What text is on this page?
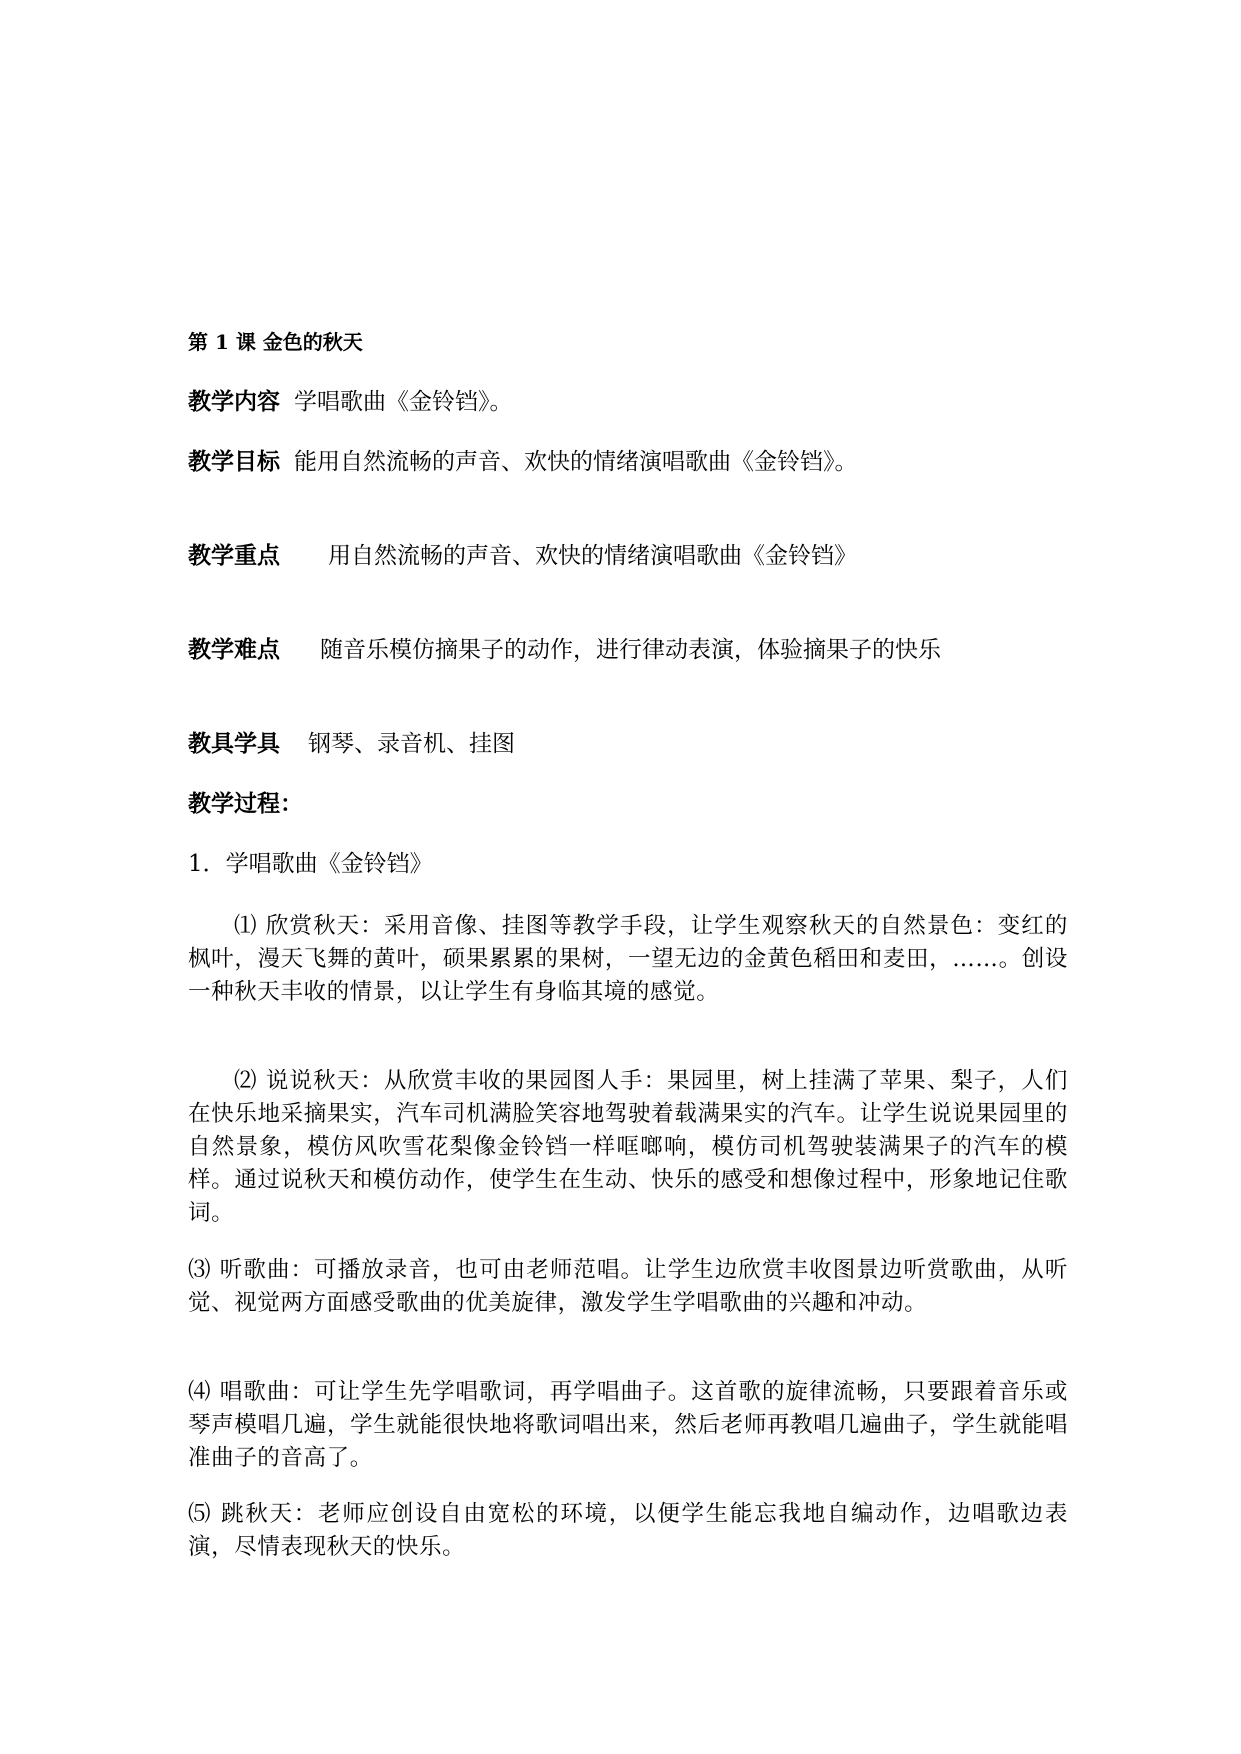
第 1 课 金色的秋天
教学内容 学唱歌曲《金铃铛》。
教学目标 能用自然流畅的声音、欢快的情绪演唱歌曲《金铃铛》。
教学重点 用自然流畅的声音、欢快的情绪演唱歌曲《金铃铛》
教学难点 随音乐模仿摘果子的动作，进行律动表演，体验摘果子的快乐
教具学具 钢琴、录音机、挂图
教学过程：
1．学唱歌曲《金铃铛》
⑴ 欣赏秋天：采用音像、挂图等教学手段，让学生观察秋天的自然景色：变红的枫叶，漫天飞舞的黄叶，硕果累累的果树，一望无边的金黄色稻田和麦田，……。创设一种秋天丰收的情景，以让学生有身临其境的感觉。
⑵ 说说秋天：从欣赏丰收的果园图人手：果园里，树上挂满了苹果、梨子，人们在快乐地采摘果实，汽车司机满脸笑容地驾驶着载满果实的汽车。让学生说说果园里的自然景象，模仿风吹雪花梨像金铃铛一样哐啷响，模仿司机驾驶装满果子的汽车的模样。通过说秋天和模仿动作，使学生在生动、快乐的感受和想像过程中，形象地记住歌词。
⑶ 听歌曲：可播放录音，也可由老师范唱。让学生边欣赏丰收图景边听赏歌曲，从听觉、视觉两方面感受歌曲的优美旋律，激发学生学唱歌曲的兴趣和冲动。
⑷ 唱歌曲：可让学生先学唱歌词，再学唱曲子。这首歌的旋律流畅，只要跟着音乐或琴声模唱几遍，学生就能很快地将歌词唱出来，然后老师再教唱几遍曲子，学生就能唱准曲子的音高了。
⑸ 跳秋天：老师应创设自由宽松的环境，以便学生能忘我地自编动作，边唱歌边表演，尽情表现秋天的快乐。
